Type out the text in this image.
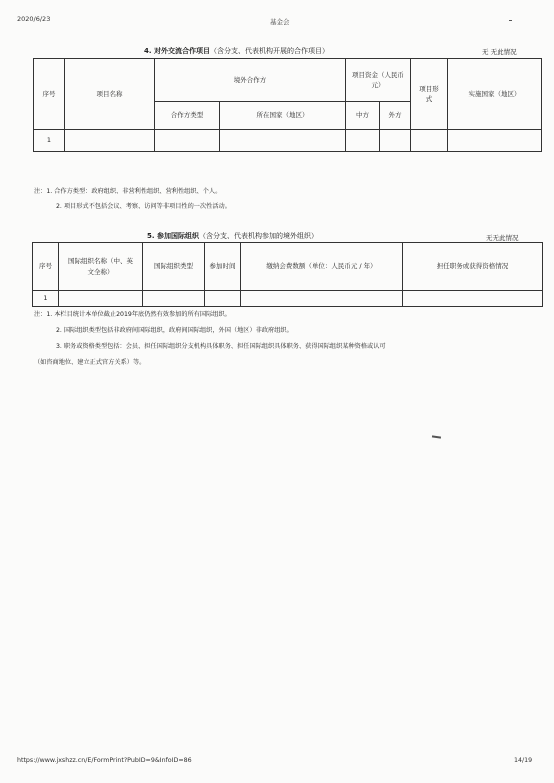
2020/6/23	基金会
4. 对外交流合作项目（含分支、代表机构开展的合作项目）	无 无此情况
序号	项目名称	境外合作方		项目资金（人民币元）		项目形式	实施国家（地区）
		合作方类型	所在国家（地区）	中方	外方		
1							
注：1. 合作方类型：政府组织、非营利性组织、营利性组织、个人。
2. 项目形式不包括会议、考察、访问等非项目性的一次性活动。
5. 参加国际组织（含分支、代表机构参加的境外组织）	无无此情况
序号	国际组织名称（中、英文全称）	国际组织类型	参加时间	缴纳会费数额（单位：人民币元 / 年）	担任职务或获得资格情况
1					
注：1. 本栏目统计本单位截止2019年底仍然有效参加的所有国际组织。
2. 国际组织类型包括非政府间国际组织，政府间国际组织，外国（地区）非政府组织。
3. 职务或资格类型包括：会员、担任国际组织分支机构具体职务、担任国际组织具体职务、获得国际组织某种资格或认可
（如咨商地位、建立正式官方关系）等。
https://www.jxshzz.cn/E/FormPrint?PubID=9&InfoID=86	14/19
